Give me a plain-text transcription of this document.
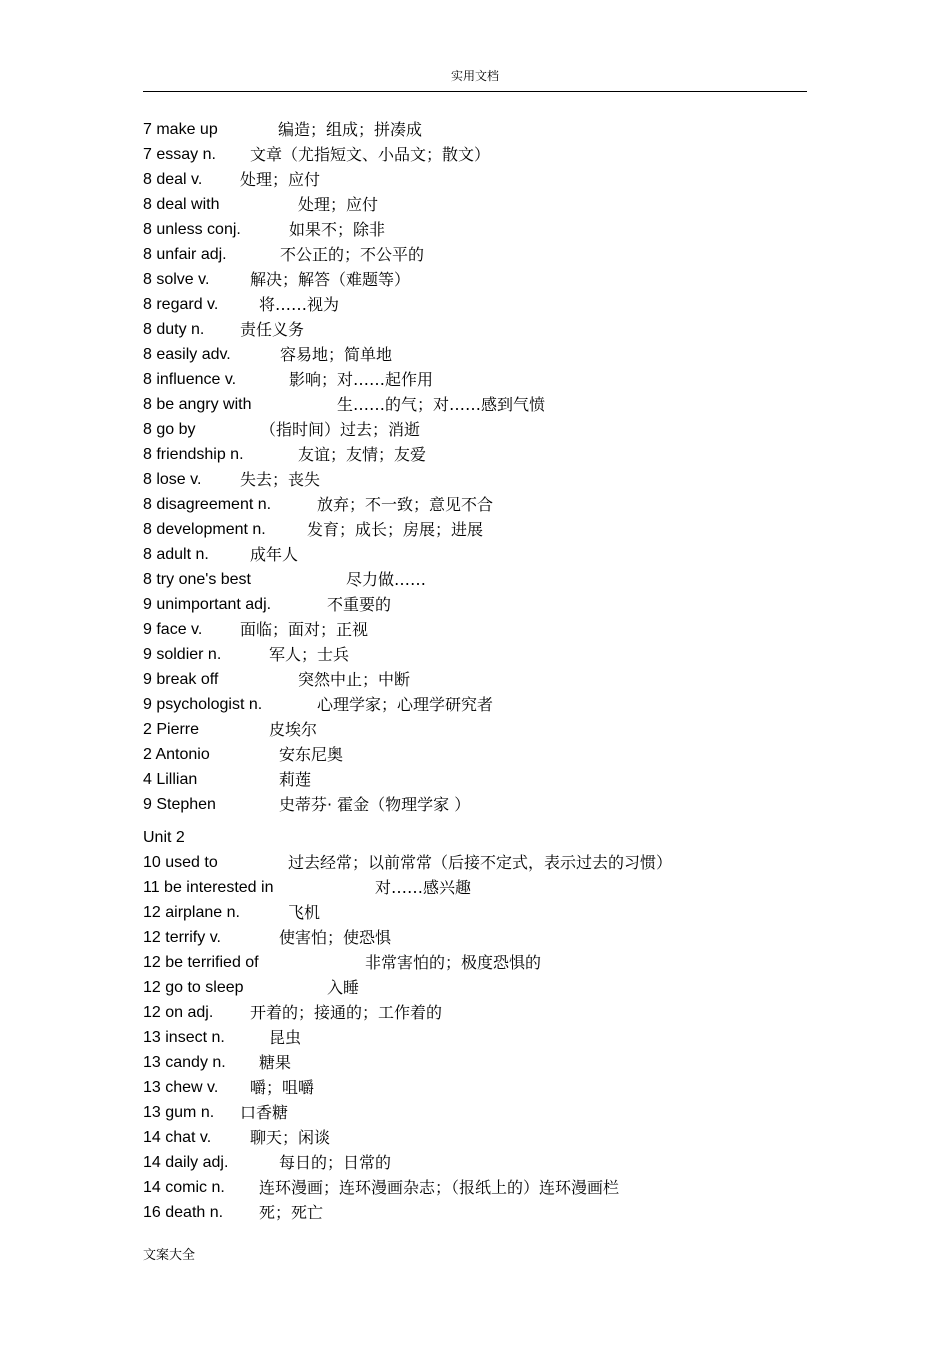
实用文档
7 make up	编造；组成；拼凑成
7 essay n. 文章（尤指短文、小品文；散文）
8 deal v. 处理；应付
8 deal with	处理；应付
8 unless conj.	如果不；除非
8 unfair adj.	不公正的；不公平的
8 solve v.	解决；解答（难题等）
8 regard v.	将……视为
8 duty n. 责任义务
8 easily adv.	容易地；简单地
8 influence v.	影响；对……起作用
8 be angry with	生……的气；对……感到气愤
8 go by	（指时间）过去；消逝
8 friendship n.	友谊；友情；友爱
8 lose v. 失去；丧失
8 disagreement n.	放弃；不一致；意见不合
8 development n.	发育；成长；房展；进展
8 adult n.	成年人
8 try one's best	尽力做……
9 unimportant adj.	不重要的
9 face v. 面临；面对；正视
9 soldier n.	军人；士兵
9 break off	突然中止；中断
9 psychologist n.	心理学家；心理学研究者
2 Pierre	皮埃尔
2 Antonio	安东尼奥
4 Lillian	莉莲
9 Stephen	史蒂芬· 霍金（物理学家 ）
Unit 2
10 used to	过去经常；以前常常（后接不定式，表示过去的习惯）
11 be interested in	对……感兴趣
12 airplane n.	飞机
12 terrify v.	使害怕；使恐惧
12 be terrified of	非常害怕的；极度恐惧的
12 go to sleep	入睡
12 on adj. 开着的；接通的；工作着的
13 insect n.	昆虫
13 candy n. 糖果
13 chew v. 嚼；咀嚼
13 gum n. 口香糖
14 chat v. 聊天；闲谈
14 daily adj.	每日的；日常的
14 comic n. 连环漫画；连环漫画杂志；（报纸上的）连环漫画栏
16 death n. 死；死亡
文案大全
